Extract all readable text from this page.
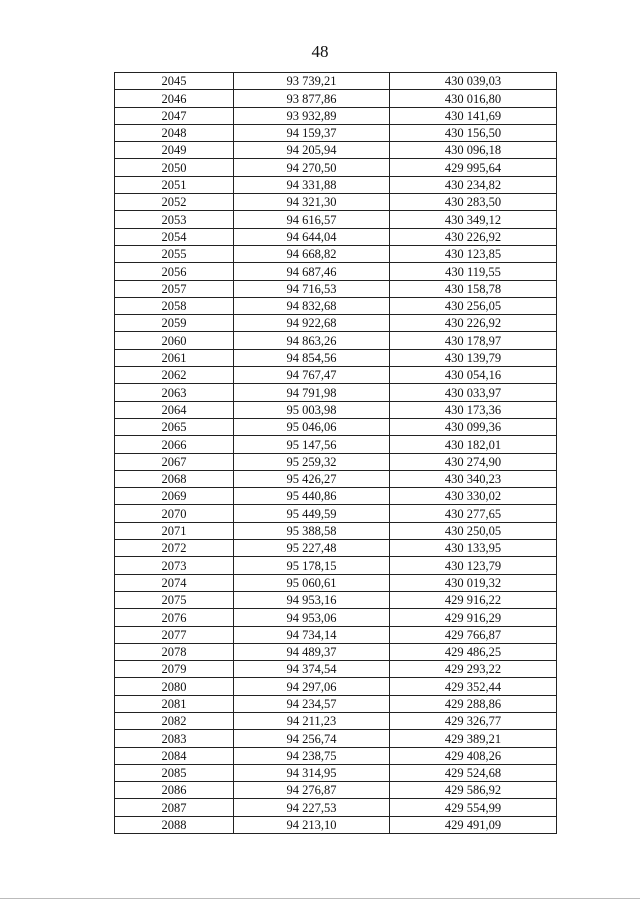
48
2045	93 739,21	430 039,03
2046	93 877,86	430 016,80
2047	93 932,89	430 141,69
2048	94 159,37	430 156,50
2049	94 205,94	430 096,18
2050	94 270,50	429 995,64
2051	94 331,88	430 234,82
2052	94 321,30	430 283,50
2053	94 616,57	430 349,12
2054	94 644,04	430 226,92
2055	94 668,82	430 123,85
2056	94 687,46	430 119,55
2057	94 716,53	430 158,78
2058	94 832,68	430 256,05
2059	94 922,68	430 226,92
2060	94 863,26	430 178,97
2061	94 854,56	430 139,79
2062	94 767,47	430 054,16
2063	94 791,98	430 033,97
2064	95 003,98	430 173,36
2065	95 046,06	430 099,36
2066	95 147,56	430 182,01
2067	95 259,32	430 274,90
2068	95 426,27	430 340,23
2069	95 440,86	430 330,02
2070	95 449,59	430 277,65
2071	95 388,58	430 250,05
2072	95 227,48	430 133,95
2073	95 178,15	430 123,79
2074	95 060,61	430 019,32
2075	94 953,16	429 916,22
2076	94 953,06	429 916,29
2077	94 734,14	429 766,87
2078	94 489,37	429 486,25
2079	94 374,54	429 293,22
2080	94 297,06	429 352,44
2081	94 234,57	429 288,86
2082	94 211,23	429 326,77
2083	94 256,74	429 389,21
2084	94 238,75	429 408,26
2085	94 314,95	429 524,68
2086	94 276,87	429 586,92
2087	94 227,53	429 554,99
2088	94 213,10	429 491,09
